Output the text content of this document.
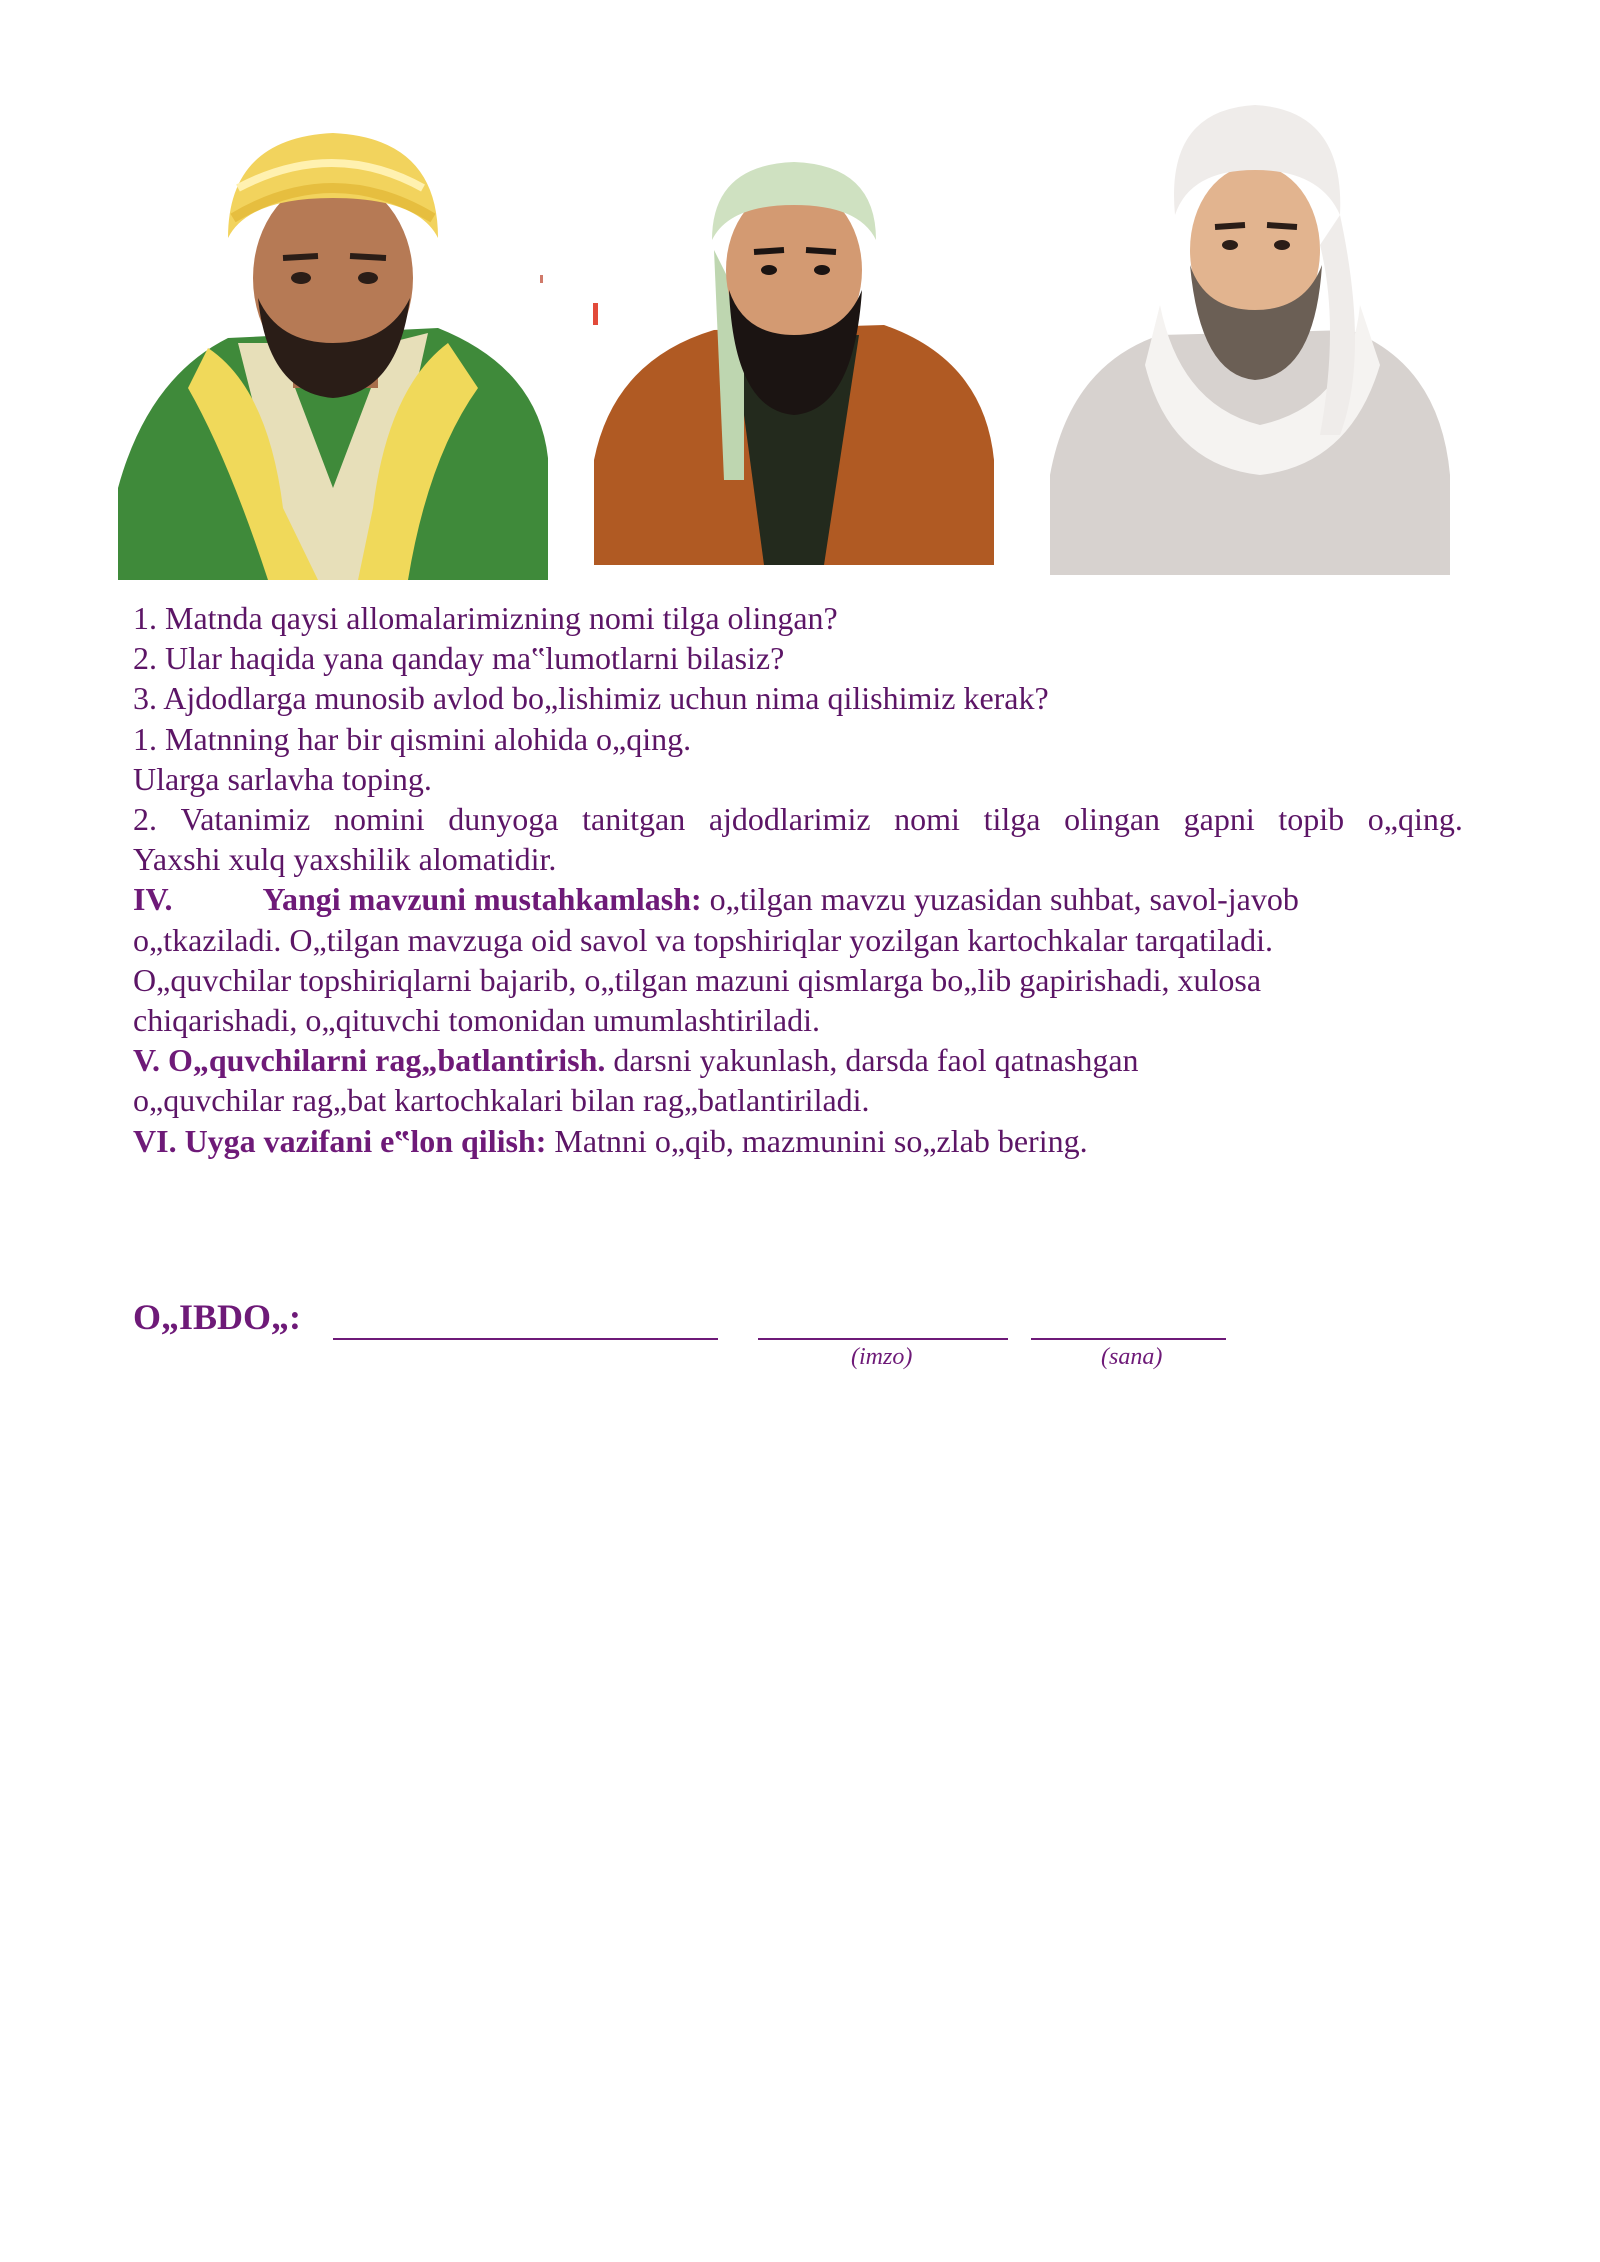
1. Matnda qaysi allomalarimizning nomi tilga olingan?
2. Ular haqida yana qanday ma‟lumotlarni bilasiz?
3. Ajdodlarga munosib avlod bo„lishimiz uchun nima qilishimiz kerak?
1. Matnning har bir qismini alohida o„qing.
Ularga sarlavha toping.
2. Vatanimiz nomini dunyoga tanitgan ajdodlarimiz nomi tilga olingan gapni topib o„qing.
Yaxshi xulq yaxshilik alomatidir.
IV.	Yangi mavzuni mustahkamlash: o„tilgan mavzu yuzasidan suhbat, savol-javob
o„tkaziladi. O„tilgan mavzuga oid savol va topshiriqlar yozilgan kartochkalar tarqatiladi.
O„quvchilar topshiriqlarni bajarib, o„tilgan mazuni qismlarga bo„lib gapirishadi, xulosa
chiqarishadi, o„qituvchi tomonidan umumlashtiriladi.
V. O„quvchilarni rag„batlantirish. darsni yakunlash, darsda faol qatnashgan
o„quvchilar rag„bat kartochkalari bilan rag„batlantiriladi.
VI. Uyga vazifani e‟lon qilish: Matnni o„qib, mazmunini so„zlab bering.
O„IBDO„:
(imzo)	(sana)
